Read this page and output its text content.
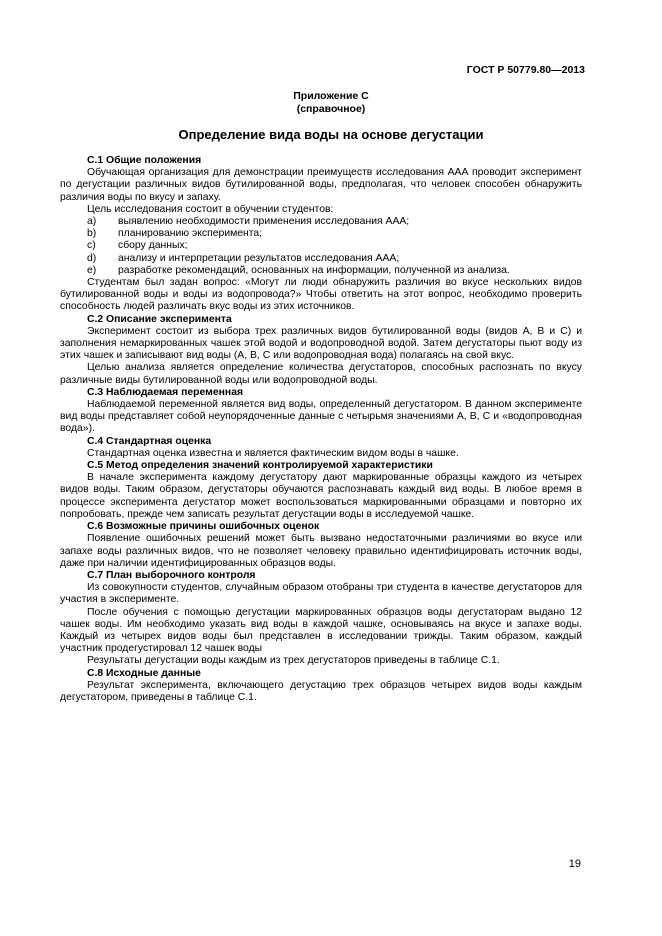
ГОСТ Р 50779.80—2013
Приложение С
(справочное)
Определение вида воды на основе дегустации
С.1 Общие положения

Обучающая организация для демонстрации преимуществ исследования ААА проводит эксперимент по дегустации различных видов бутилированной воды, предполагая, что человек способен обнаружить различия воды по вкусу и запаху.

Цель исследования состоит в обучении студентов:

а) выявлению необходимости применения исследования ААА;
b) планированию эксперимента;
c) сбору данных;
d) анализу и интерпретации результатов исследования ААА;
e) разработке рекомендаций, основанных на информации, полученной из анализа.

Студентам был задан вопрос: «Могут ли люди обнаружить различия во вкусе нескольких видов бутилированной воды и воды из водопровода?» Чтобы ответить на этот вопрос, необходимо проверить способность людей различать вкус воды из этих источников.

С.2 Описание эксперимента

Эксперимент состоит из выбора трех различных видов бутилированной воды (видов А, В и С) и заполнения немаркированных чашек этой водой и водопроводной водой. Затем дегустаторы пьют воду из этих чашек и записывают вид воды (А, В, С или водопроводная вода) полагаясь на свой вкус.

Целью анализа является определение количества дегустаторов, способных распознать по вкусу различные виды бутилированной воды или водопроводной воды.

С.3 Наблюдаемая переменная

Наблюдаемой переменной является вид воды, определенный дегустатором. В данном эксперименте вид воды представляет собой неупорядоченные данные с четырьмя значениями А, В, С и «водопроводная вода»).

С.4 Стандартная оценка

Стандартная оценка известна и является фактическим видом воды в чашке.

С.5 Метод определения значений контролируемой характеристики

В начале эксперимента каждому дегустатору дают маркированные образцы каждого из четырех видов воды. Таким образом, дегустаторы обучаются распознавать каждый вид воды. В любое время в процессе эксперимента дегустатор может воспользоваться маркированными образцами и повторно их попробовать, прежде чем записать результат дегустации воды в исследуемой чашке.

С.6 Возможные причины ошибочных оценок

Появление ошибочных решений может быть вызвано недостаточными различиями во вкусе или запахе воды различных видов, что не позволяет человеку правильно идентифицировать источник воды, даже при наличии идентифицированных образцов воды.

С.7 План выборочного контроля

Из совокупности студентов, случайным образом отобраны три студента в качестве дегустаторов для участия в эксперименте.

После обучения с помощью дегустации маркированных образцов воды дегустаторам выдано 12 чашек воды. Им необходимо указать вид воды в каждой чашке, основываясь на вкусе и запахе воды. Каждый из четырех видов воды был представлен в исследовании трижды. Таким образом, каждый участник продегустировал 12 чашек воды

Результаты дегустации воды каждым из трех дегустаторов приведены в таблице С.1.

С.8 Исходные данные

Результат эксперимента, включающего дегустацию трех образцов четырех видов воды каждым дегустатором, приведены в таблице С.1.

19
